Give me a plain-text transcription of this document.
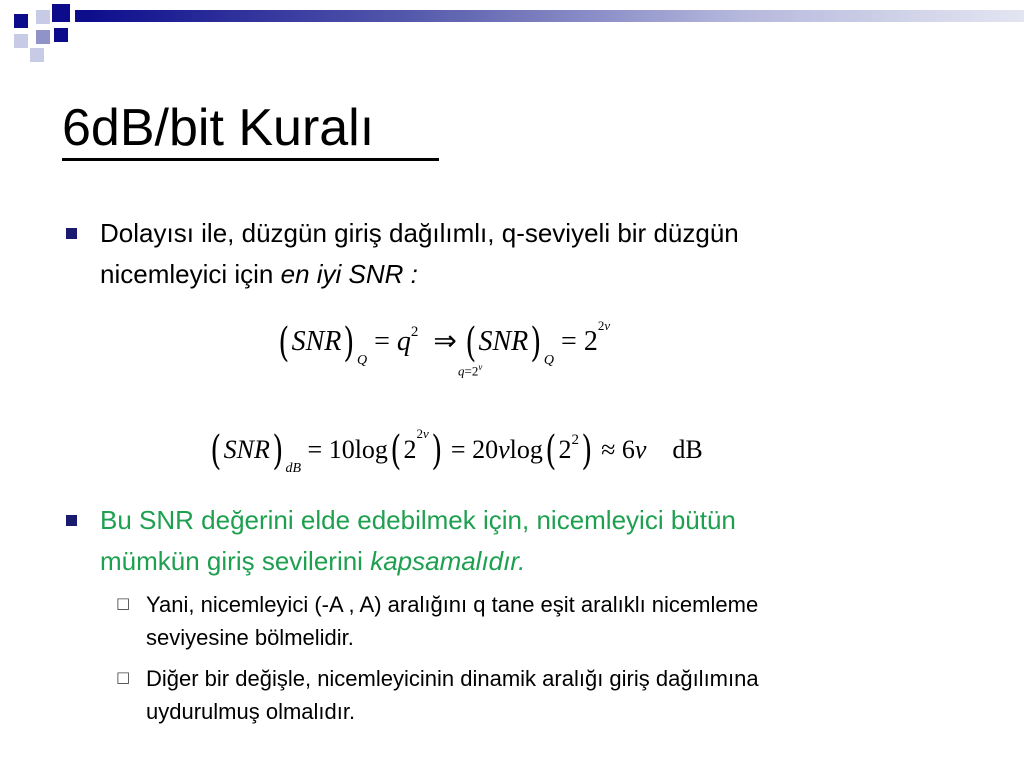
6dB/bit Kuralı
Dolayısı ile, düzgün giriş dağılımlı, q-seviyeli bir düzgün
nicemleyici için en iyi SNR :
(SNR) $_Q = q^2$ ⇒ (SNR) $_Q = 2^{2v}$
$q=2^v$
(SNR) $_{dB} = 10\log(2^{2v}) = 20vlog(2^2) \approx 6v$ dB
Bu SNR değerini elde edebilmek için, nicemleyici bütün
mümkün giriş sevilerini kapsamalıdır.
□ Yani, nicemleyici (-A , A) aralığını q tane eşit aralıklı nicemleme
seviyesine bölmelidir.
□ Diğer bir değişle, nicemleyicinin dinamik aralığı giriş dağılımına
uydurulmuş olmalıdır.
